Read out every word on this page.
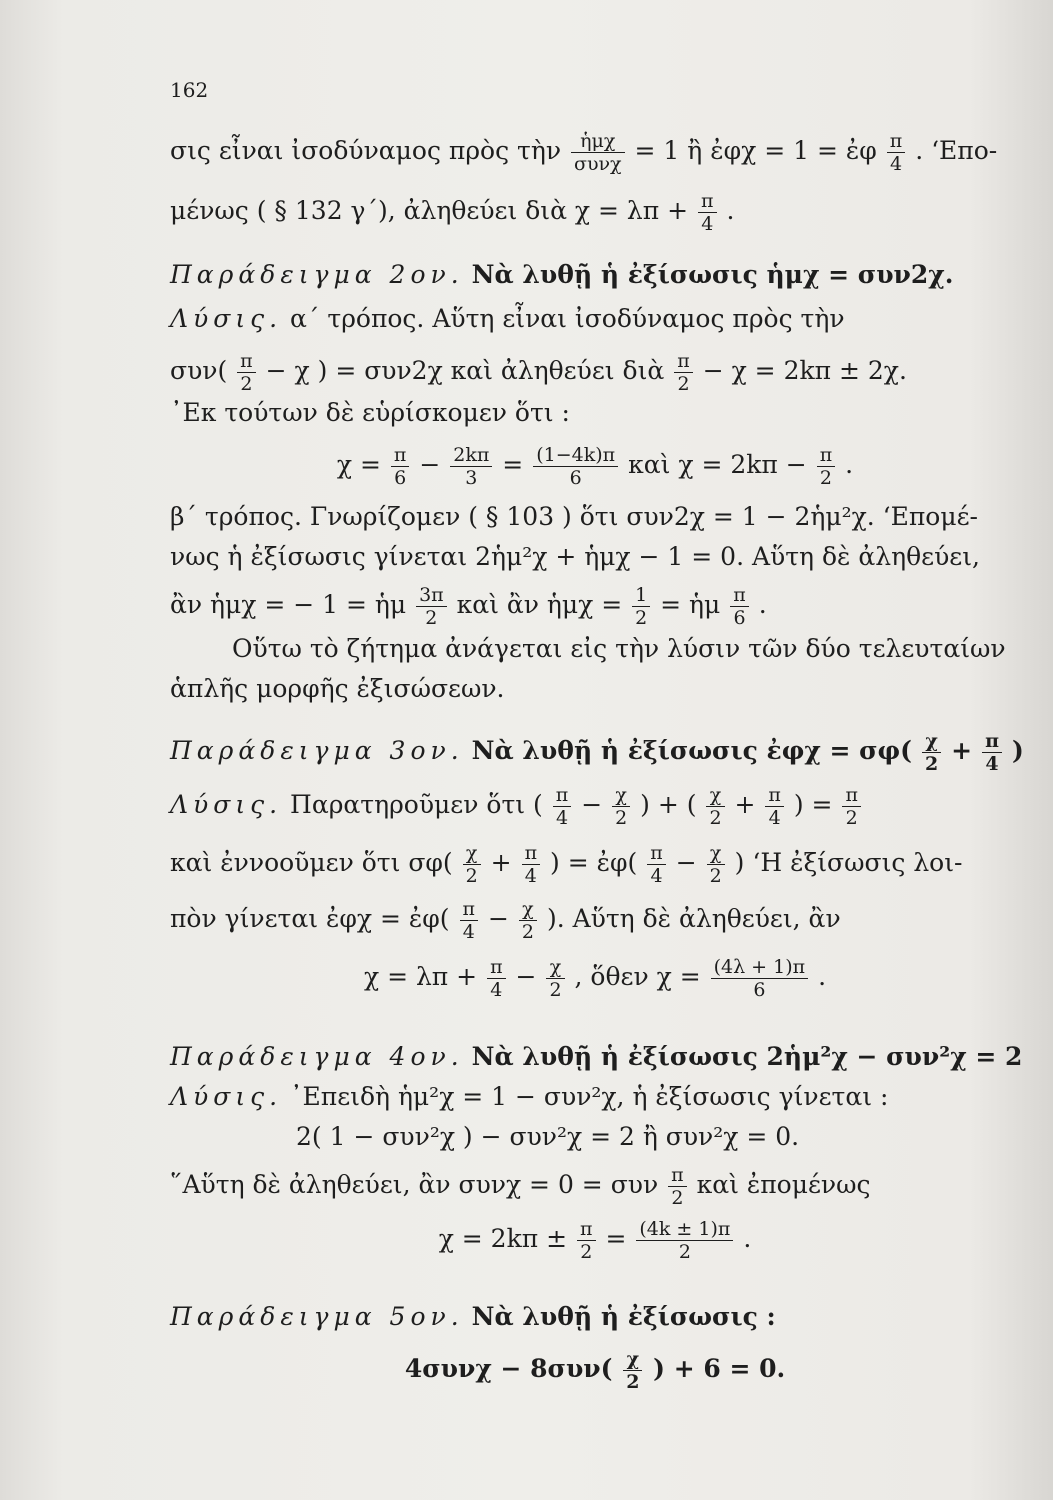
162
σις εἶναι ἰσοδύναμος πρὸς τὴν $\frac{\text{ἡμχ}}{\text{συνχ}} = 1$ ἢ ἐφχ = 1 = ἐφ $\frac{\pi}{4}$ . ‘Επο-
μένως ( § 132 γ΄), ἀληθεύει διὰ $\chi = \lambda\pi + \frac{\pi}{4}$ .
Παράδειγμα 2ον. Νὰ λυθῇ ἡ ἐξίσωσις ἡμχ = συν2χ.
Λύσις. α΄ τρόπος. Αὕτη εἶναι ἰσοδύναμος πρὸς τὴν
$\sigma\upsilon\nu( \frac{\pi}{2} - \chi$ ) = συν2χ καὶ ἀληθεύει διὰ $\frac{\pi}{2} - \chi = 2k\pi \pm 2\chi$.
᾿Εκ τούτων δὲ εὑρίσκομεν ὅτι :
$\chi = \frac{\pi}{6} - \frac{2k\pi}{3} = \frac{(1-4k)\pi}{6}$ καὶ $\chi = 2k\pi - \frac{\pi}{2}$ .
β΄ τρόπος. Γνωρίζομεν ( § 103 ) ὅτι συν2χ = 1 − 2ἡμ²χ. ‘Επομέ-
νως ἡ ἐξίσωσις γίνεται 2ἡμ²χ + ἡμχ − 1 = 0. Αὕτη δὲ ἀληθεύει,
ἂν ἡμχ = − 1 = ἡμ $\frac{3\pi}{2}$ καὶ ἂν ἡμχ = $\frac{1}{2}$ = ἡμ $\frac{\pi}{6}$ .
Οὕτω τὸ ζήτημα ἀνάγεται εἰς τὴν λύσιν τῶν δύο τελευταίων
ἁπλῆς μορφῆς ἐξισώσεων.
Παράδειγμα 3ον. Νὰ λυθῇ ἡ ἐξίσωσις ἐφχ = $\sigma\varphi( \frac{\chi}{2} + \frac{\pi}{4}$ )
Λύσις. Παρατηροῦμεν ὅτι ( $\frac{\pi}{4} - \frac{\chi}{2}$ ) + ( $\frac{\chi}{2} + \frac{\pi}{4}$ ) = $\frac{\pi}{2}$
καὶ ἐννοοῦμεν ὅτι $\sigma\varphi( \frac{\chi}{2} + \frac{\pi}{4}$ ) = ἐφ( $\frac{\pi}{4} - \frac{\chi}{2}$ ) ‘Η ἐξίσωσις λοι-
πὸν γίνεται ἐφχ = ἐφ( $\frac{\pi}{4} - \frac{\chi}{2}$ ). Αὕτη δὲ ἀληθεύει, ἂν
$\chi = \lambda\pi + \frac{\pi}{4} - \frac{\chi}{2}$ , ὅθεν $\chi = \frac{(4\lambda + 1)\pi}{6}$ .
Παράδειγμα 4ον. Νὰ λυθῇ ἡ ἐξίσωσις 2ἡμ²χ − συν²χ = 2
Λύσις. ᾿Επειδὴ ἡμ²χ = 1 − συν²χ, ἡ ἐξίσωσις γίνεται :
2( 1 − συν²χ ) − συν²χ = 2 ἢ συν²χ = 0.
῞Αὕτη δὲ ἀληθεύει, ἂν συνχ = 0 = συν $\frac{\pi}{2}$ καὶ ἐπομένως
$\chi = 2k\pi \pm \frac{\pi}{2} = \frac{(4k \pm 1)\pi}{2}$ .
Παράδειγμα 5ον. Νὰ λυθῇ ἡ ἐξίσωσις :
$4\sigma\upsilon\nu\chi - 8\sigma\upsilon\nu( \frac{\chi}{2}$ ) + 6 = 0.
